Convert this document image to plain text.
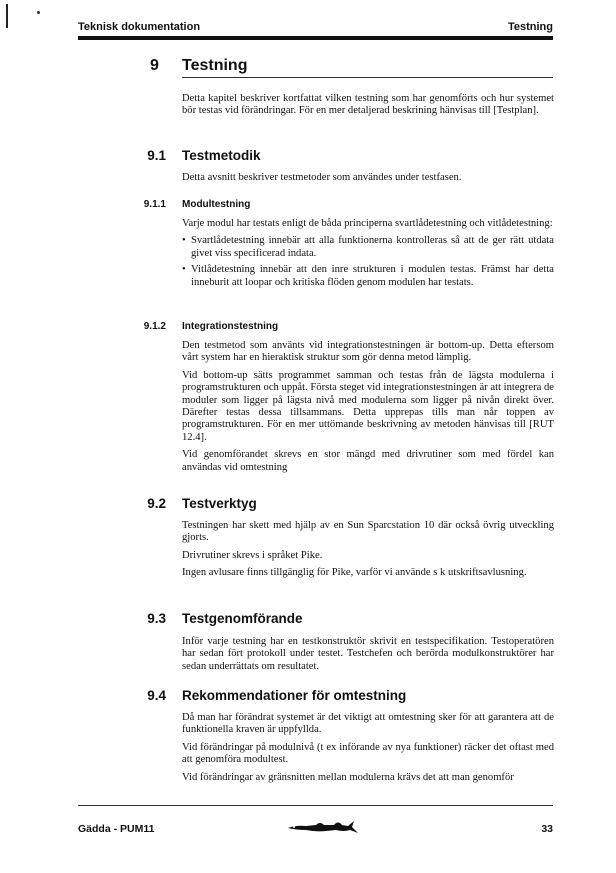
Teknisk dokumentation	Testning
9 Testning

Detta kapitel beskriver kortfattat vilken testning som har genomförts och hur systemet bör testas vid förändringar. För en mer detaljerad beskrining hänvisas till [Testplan].

9.1 Testmetodik

Detta avsnitt beskriver testmetoder som användes under testfasen.

9.1.1 Modultestning

Varje modul har testats enligt de båda principerna svartlådetestning och vitlådetestning:

• Svartlådetestning innebär att alla funktionerna kontrolleras så att de ger rätt utdata givet viss specificerad indata.
• Vitlådetestning innebär att den inre strukturen i modulen testas. Främst har detta inneburit att loopar och kritiska flöden genom modulen har testats.
9.1.2 Integrationstestning

Den testmetod som använts vid integrationstestningen är bottom-up. Detta eftersom vårt system har en hieraktisk struktur som gör denna metod lämplig.

Vid bottom-up sätts programmet samman och testas från de lägsta modulerna i programstrukturen och uppåt. Första steget vid integrationstestningen är att integrera de moduler som ligger på lägsta nivå med modulerna som ligger på nivån direkt över. Därefter testas dessa tillsammans. Detta upprepas tills man når toppen av programstrukturen. För en mer uttömande beskrivning av metoden hänvisas till [RUT 12.4].

Vid genomförandet skrevs en stor mängd med drivrutiner som med fördel kan användas vid omtestning

9.2 Testverktyg

Testningen har skett med hjälp av en Sun Sparcstation 10 där också övrig utveckling gjorts.

Drivrutiner skrevs i språket Pike.

Ingen avlusare finns tillgänglig för Pike, varför vi använde s k utskriftsavlusning.

9.3 Testgenomförande

Inför varje testning har en testkonstruktör skrivit en testspecifikation. Testoperatören har sedan fört protokoll under testet. Testchefen och berörda modulkonstruktörer har sedan underrättats om resultatet.

9.4 Rekommendationer för omtestning

Då man har förändrat systemet är det viktigt att omtestning sker för att garantera att de funktionella kraven är uppfyllda.

Vid förändringar på modulnivå (t ex införande av nya funktioner) räcker det oftast med att genomföra modultest.

Vid förändringar av gränsnitten mellan modulerna krävs det att man genomför

Gädda - PUM11	33
